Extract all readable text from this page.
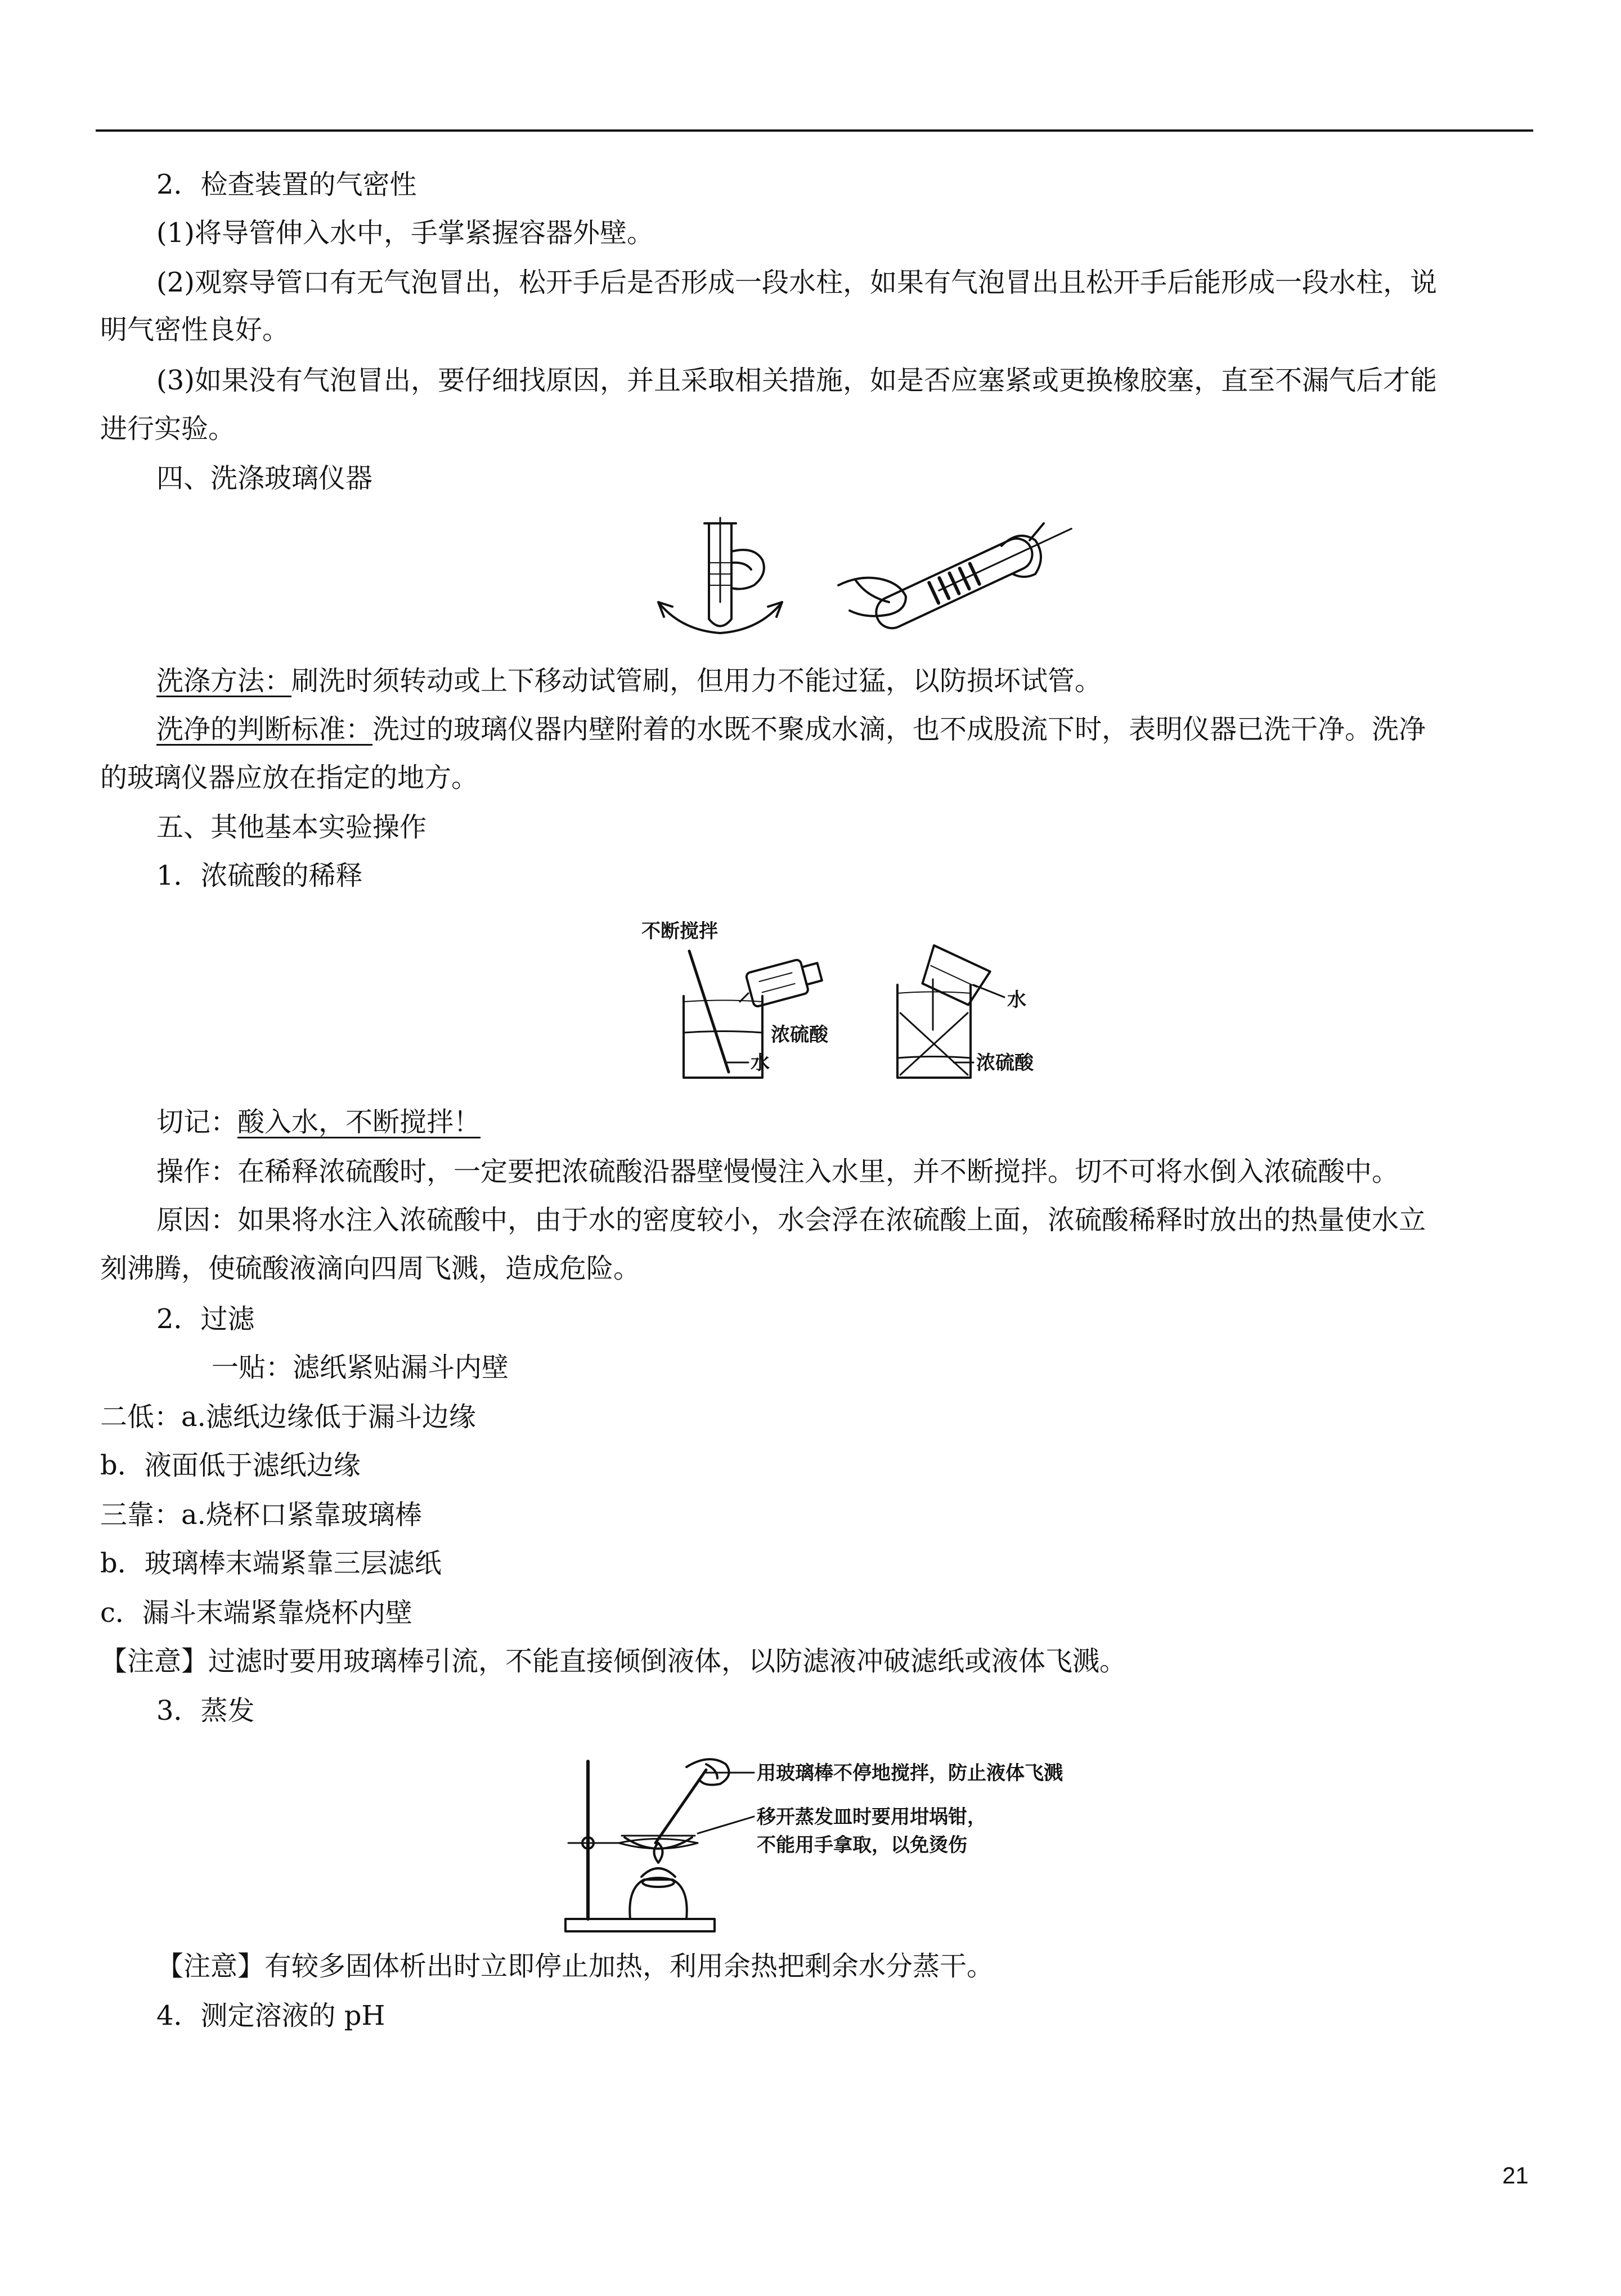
2．检查装置的气密性
(1)将导管伸入水中，手掌紧握容器外壁。
(2)观察导管口有无气泡冒出，松开手后是否形成一段水柱，如果有气泡冒出且松开手后能形成一段水柱，说
明气密性良好。
(3)如果没有气泡冒出，要仔细找原因，并且采取相关措施，如是否应塞紧或更换橡胶塞，直至不漏气后才能
进行实验。
四、洗涤玻璃仪器
洗涤方法：刷洗时须转动或上下移动试管刷，但用力不能过猛，以防损坏试管。
洗净的判断标准：洗过的玻璃仪器内壁附着的水既不聚成水滴，也不成股流下时，表明仪器已洗干净。洗净
的玻璃仪器应放在指定的地方。
五、其他基本实验操作
1．浓硫酸的稀释
不断搅拌
浓硫酸
水
水
浓硫酸
切记：酸入水，不断搅拌！
操作：在稀释浓硫酸时，一定要把浓硫酸沿器壁慢慢注入水里，并不断搅拌。切不可将水倒入浓硫酸中。
原因：如果将水注入浓硫酸中，由于水的密度较小，水会浮在浓硫酸上面，浓硫酸稀释时放出的热量使水立
刻沸腾，使硫酸液滴向四周飞溅，造成危险。
2．过滤
一贴：滤纸紧贴漏斗内壁
二低：a.滤纸边缘低于漏斗边缘
b．液面低于滤纸边缘
三靠：a.烧杯口紧靠玻璃棒
b．玻璃棒末端紧靠三层滤纸
c．漏斗末端紧靠烧杯内壁
【注意】过滤时要用玻璃棒引流，不能直接倾倒液体，以防滤液冲破滤纸或液体飞溅。
3．蒸发
用玻璃棒不停地搅拌，防止液体飞溅
移开蒸发皿时要用坩埚钳，
不能用手拿取，以免烫伤
【注意】有较多固体析出时立即停止加热，利用余热把剩余水分蒸干。
4．测定溶液的 pH
21
